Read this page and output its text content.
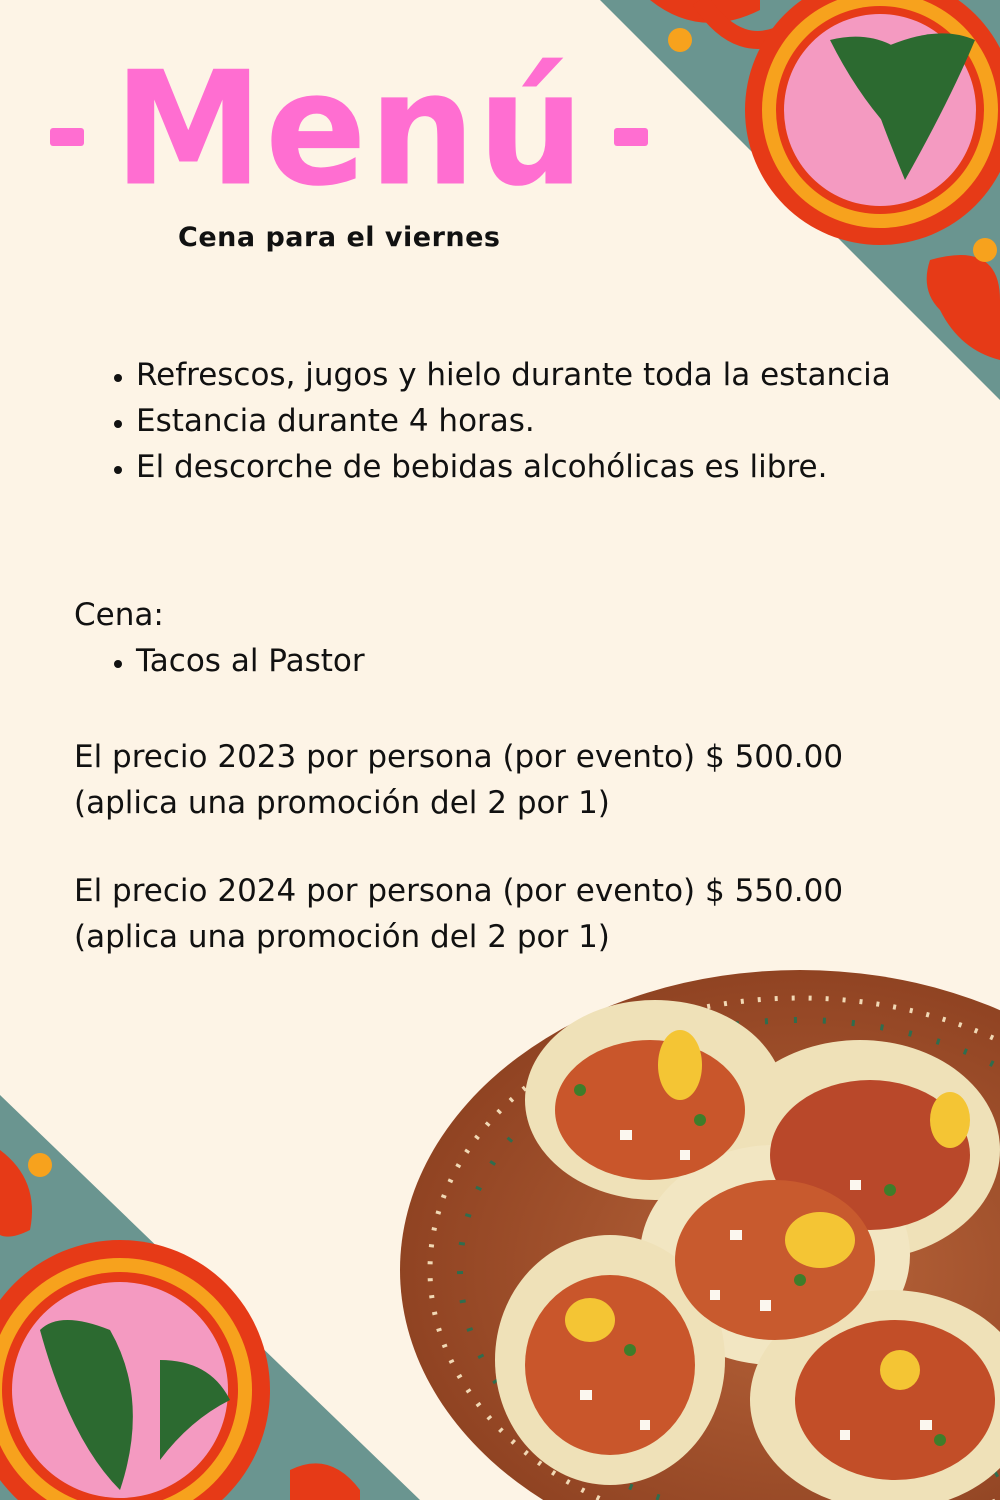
Menú

Cena para el viernes

• Refrescos, jugos y hielo durante toda la estancia
• Estancia durante 4 horas.
• El descorche de bebidas alcohólicas es libre.

Cena:

• Tacos al Pastor
El precio 2023 por persona (por evento) $ 500.00
(aplica una promoción del 2 por 1)
El precio 2024 por persona (por evento) $ 550.00
(aplica una promoción del 2 por 1)
